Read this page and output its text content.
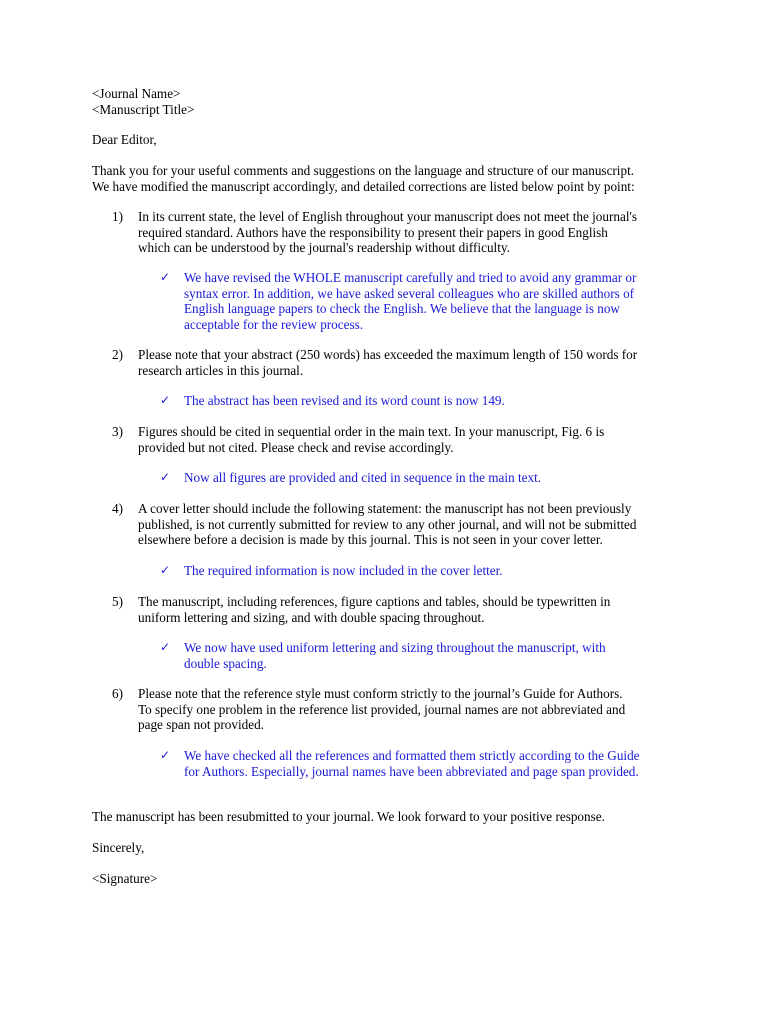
<Journal Name>
<Manuscript Title>
Dear Editor,
Thank you for your useful comments and suggestions on the language and structure of our manuscript.
We have modified the manuscript accordingly, and detailed corrections are listed below point by point:
1) In its current state, the level of English throughout your manuscript does not meet the journal's
required standard. Authors have the responsibility to present their papers in good English
which can be understood by the journal's readership without difficulty.
✓ We have revised the WHOLE manuscript carefully and tried to avoid any grammar or
syntax error. In addition, we have asked several colleagues who are skilled authors of
English language papers to check the English. We believe that the language is now
acceptable for the review process.
2) Please note that your abstract (250 words) has exceeded the maximum length of 150 words for
research articles in this journal.
✓ The abstract has been revised and its word count is now 149.
3) Figures should be cited in sequential order in the main text. In your manuscript, Fig. 6 is
provided but not cited. Please check and revise accordingly.
✓ Now all figures are provided and cited in sequence in the main text.
4) A cover letter should include the following statement: the manuscript has not been previously
published, is not currently submitted for review to any other journal, and will not be submitted
elsewhere before a decision is made by this journal. This is not seen in your cover letter.
✓ The required information is now included in the cover letter.
5) The manuscript, including references, figure captions and tables, should be typewritten in
uniform lettering and sizing, and with double spacing throughout.
✓ We now have used uniform lettering and sizing throughout the manuscript, with
double spacing.
6) Please note that the reference style must conform strictly to the journal’s Guide for Authors.
To specify one problem in the reference list provided, journal names are not abbreviated and
page span not provided.
✓ We have checked all the references and formatted them strictly according to the Guide
for Authors. Especially, journal names have been abbreviated and page span provided.
The manuscript has been resubmitted to your journal. We look forward to your positive response.
Sincerely,
<Signature>
